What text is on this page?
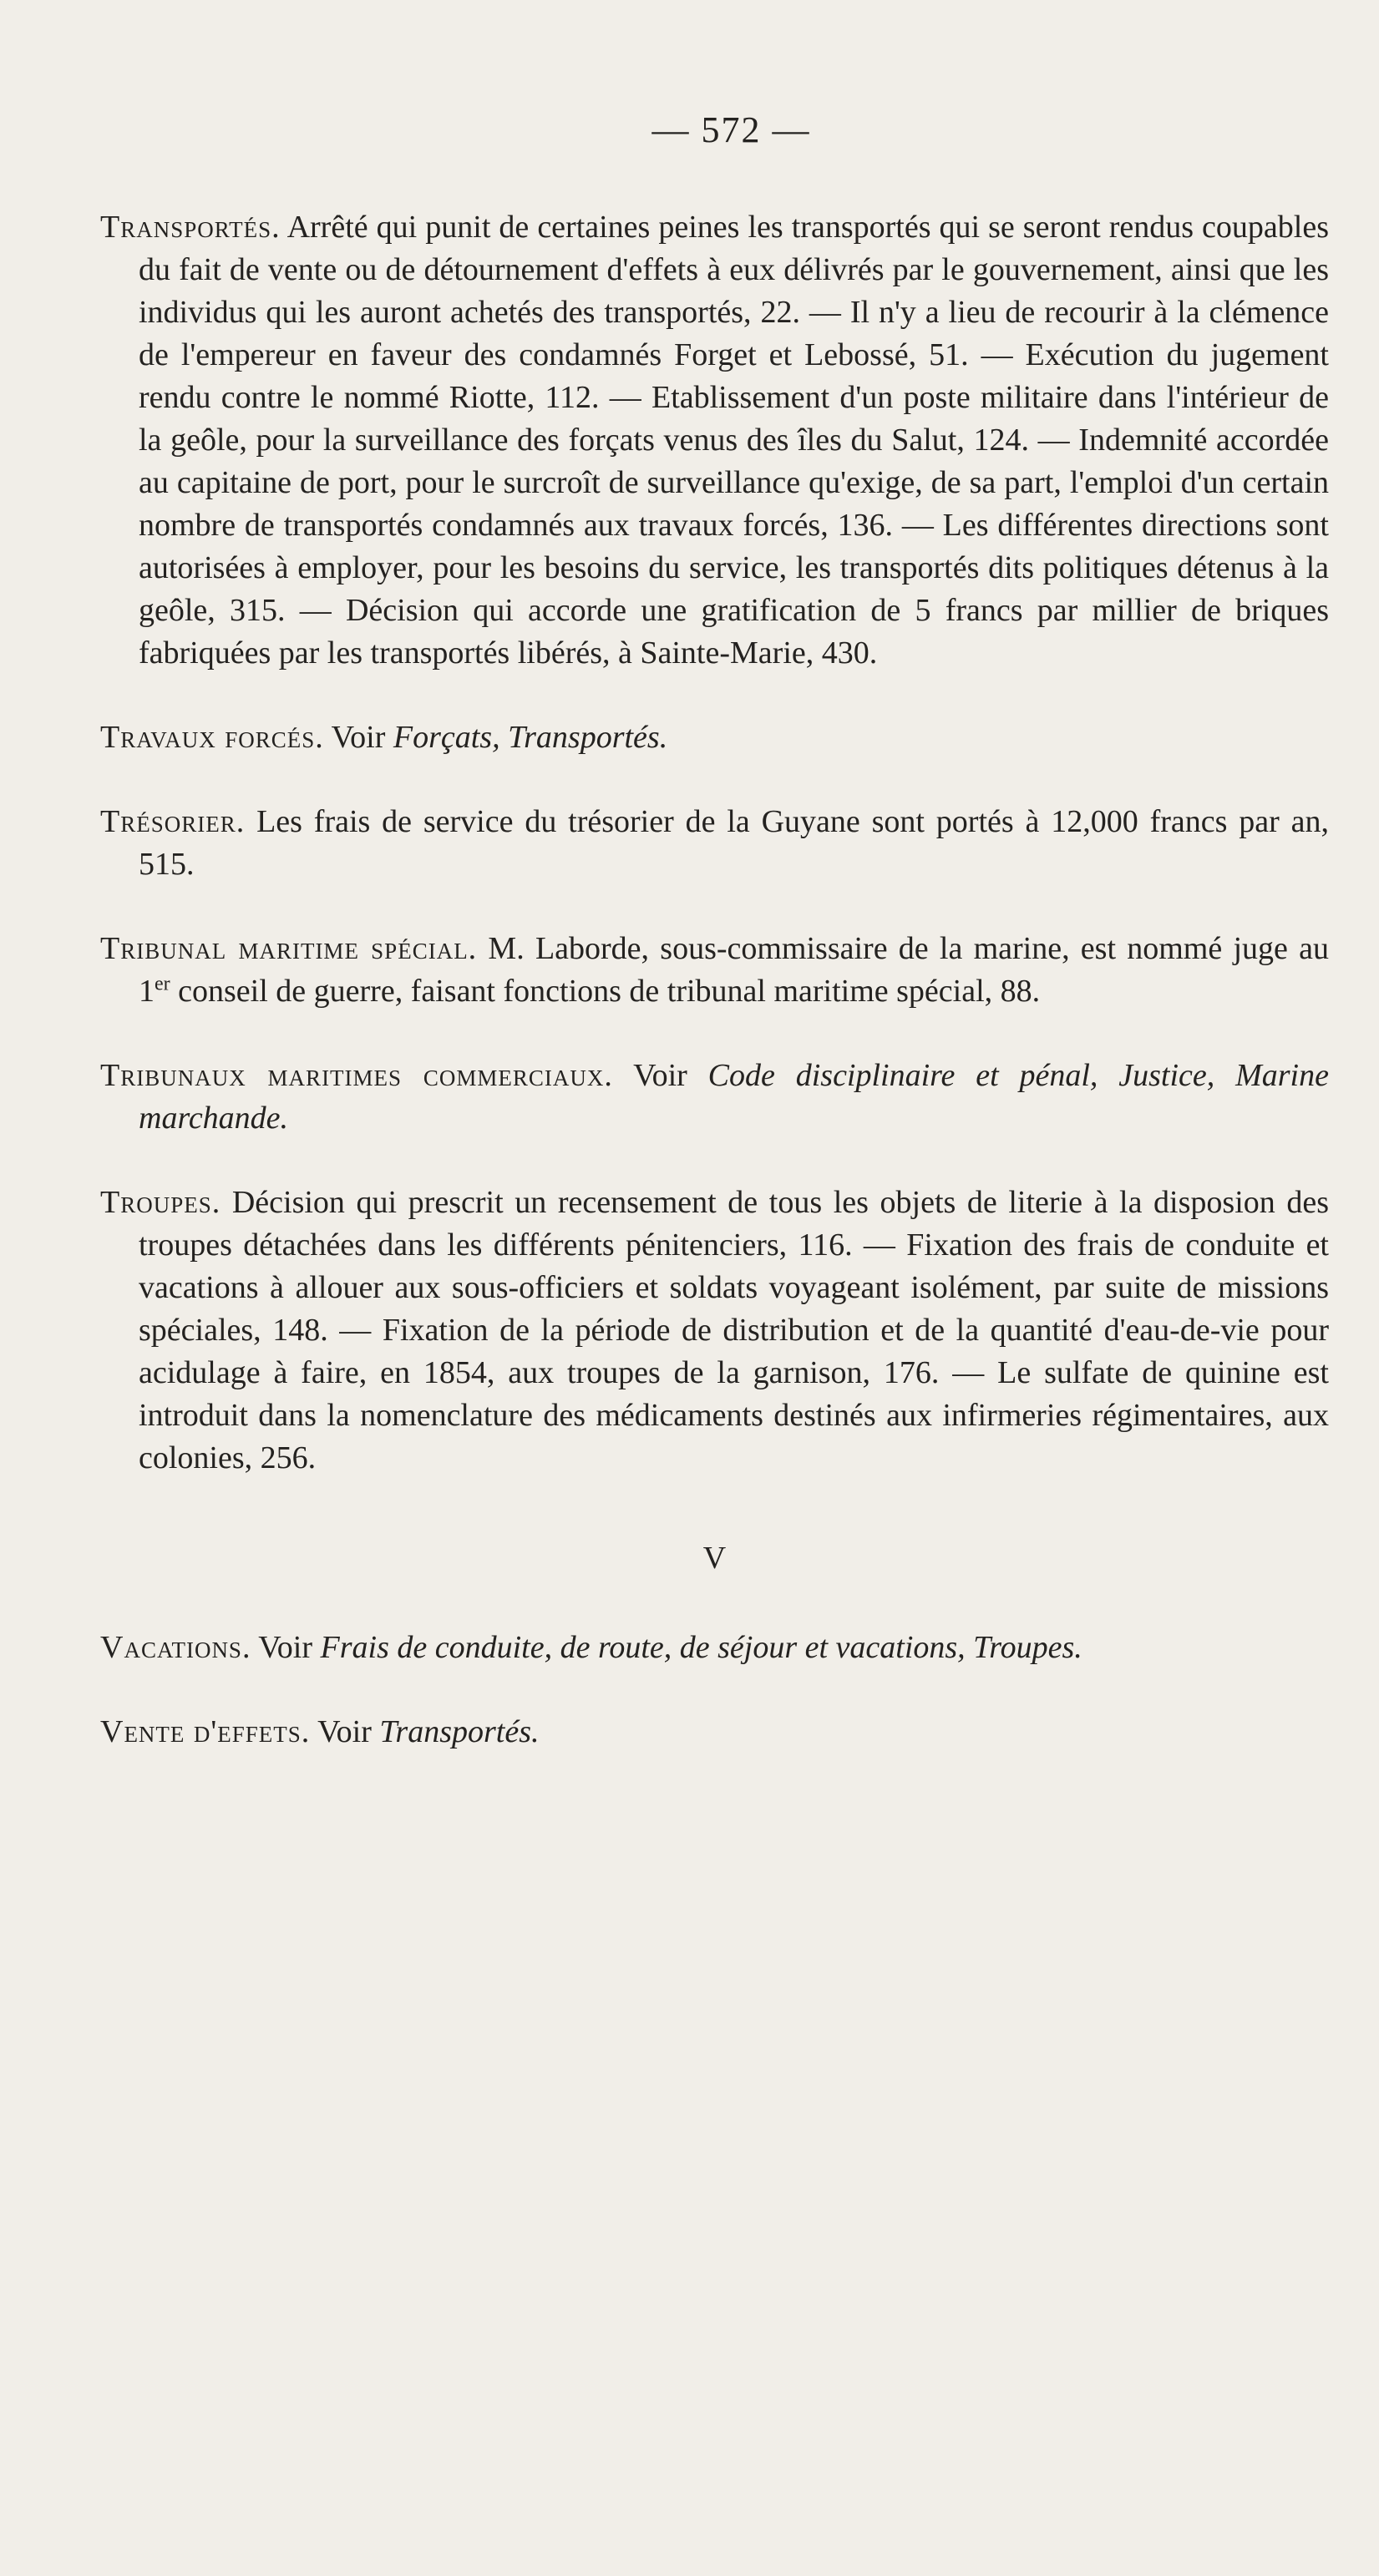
— 572 —

Transportés. Arrêté qui punit de certaines peines les transportés qui se seront rendus coupables du fait de vente ou de détournement d'effets à eux délivrés par le gouvernement, ainsi que les individus qui les auront achetés des transportés, 22. — Il n'y a lieu de recourir à la clémence de l'empereur en faveur des condamnés Forget et Lebossé, 51. — Exécution du jugement rendu contre le nommé Riotte, 112. — Etablissement d'un poste militaire dans l'intérieur de la geôle, pour la surveillance des forçats venus des îles du Salut, 124. — Indemnité accordée au capitaine de port, pour le surcroît de surveillance qu'exige, de sa part, l'emploi d'un certain nombre de transportés condamnés aux travaux forcés, 136. — Les différentes directions sont autorisées à employer, pour les besoins du service, les transportés dits politiques détenus à la geôle, 315. — Décision qui accorde une gratification de 5 francs par millier de briques fabriquées par les transportés libérés, à Sainte-Marie, 430.

Travaux forcés. Voir Forçats, Transportés.

Trésorier. Les frais de service du trésorier de la Guyane sont portés à 12,000 francs par an, 515.

Tribunal maritime spécial. M. Laborde, sous-commissaire de la marine, est nommé juge au 1er conseil de guerre, faisant fonctions de tribunal maritime spécial, 88.

Tribunaux maritimes commerciaux. Voir Code disciplinaire et pénal, Justice, Marine marchande.

Troupes. Décision qui prescrit un recensement de tous les objets de literie à la disposion des troupes détachées dans les différents pénitenciers, 116. — Fixation des frais de conduite et vacations à allouer aux sous-officiers et soldats voyageant isolément, par suite de missions spéciales, 148. — Fixation de la période de distribution et de la quantité d'eau-de-vie pour acidulage à faire, en 1854, aux troupes de la garnison, 176. — Le sulfate de quinine est introduit dans la nomenclature des médicaments destinés aux infirmeries régimentaires, aux colonies, 256.

V

Vacations. Voir Frais de conduite, de route, de séjour et vacations, Troupes.

Vente d'effets. Voir Transportés.
